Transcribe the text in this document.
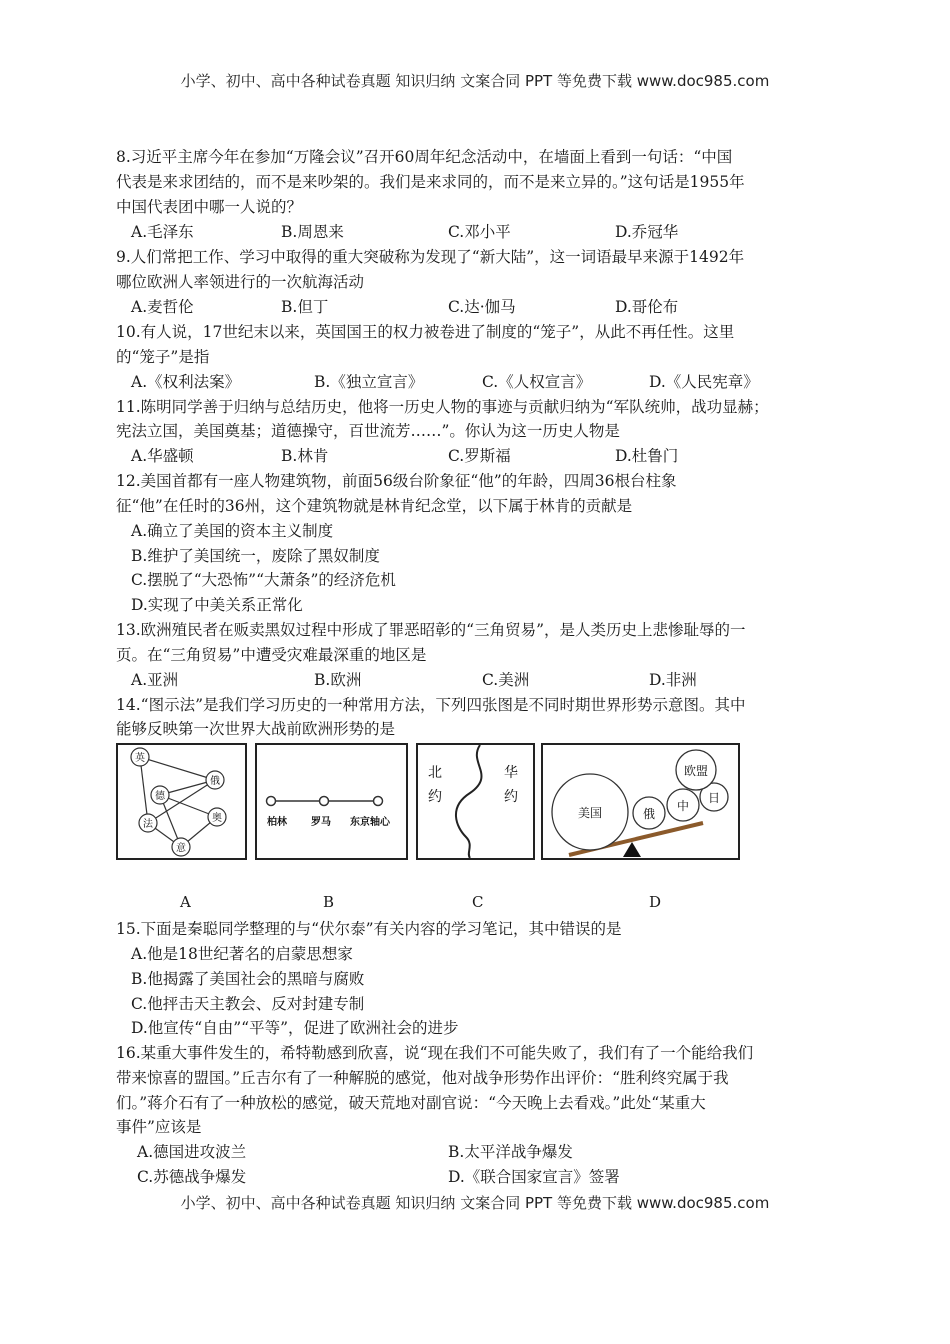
小学、初中、高中各种试卷真题 知识归纳 文案合同 PPT 等免费下载 www.doc985.com
8.习近平主席今年在参加“万隆会议”召开60周年纪念活动中，在墙面上看到一句话：“中国
代表是来求团结的，而不是来吵架的。我们是来求同的，而不是来立异的。”这句话是1955年
中国代表团中哪一人说的？
A.毛泽东	B.周恩来	C.邓小平	D.乔冠华
9.人们常把工作、学习中取得的重大突破称为发现了“新大陆”，这一词语最早来源于1492年
哪位欧洲人率领进行的一次航海活动
A.麦哲伦	B.但丁	C.达·伽马	D.哥伦布
10.有人说，17世纪末以来，英国国王的权力被卷进了制度的“笼子”，从此不再任性。这里
的“笼子”是指
A.《权利法案》	B.《独立宣言》	C.《人权宣言》	D.《人民宪章》
11.陈明同学善于归纳与总结历史，他将一历史人物的事迹与贡献归纳为“军队统帅，战功显赫；
宪法立国，美国奠基；道德操守，百世流芳……”。你认为这一历史人物是
A.华盛顿	B.林肯	C.罗斯福	D.杜鲁门
12.美国首都有一座人物建筑物，前面56级台阶象征“他”的年龄，四周36根台柱象
征“他”在任时的36州，这个建筑物就是林肯纪念堂，以下属于林肯的贡献是
A.确立了美国的资本主义制度
B.维护了美国统一，废除了黑奴制度
C.摆脱了“大恐怖”“大萧条”的经济危机
D.实现了中美关系正常化
13.欧洲殖民者在贩卖黑奴过程中形成了罪恶昭彰的“三角贸易”，是人类历史上悲惨耻辱的一
页。在“三角贸易”中遭受灾难最深重的地区是
A.亚洲	B.欧洲	C.美洲	D.非洲
14.“图示法”是我们学习历史的一种常用方法，下列四张图是不同时期世界形势示意图。其中
能够反映第一次世界大战前欧洲形势的是
英
俄
德
法
奥
意
柏林 罗马 东京轴心
北
约
华
约
美国	俄
中
日
欧盟
A	B	C	D
15.下面是秦聪同学整理的与“伏尔泰”有关内容的学习笔记，其中错误的是
A.他是18世纪著名的启蒙思想家
B.他揭露了美国社会的黑暗与腐败
C.他抨击天主教会、反对封建专制
D.他宣传“自由”“平等”，促进了欧洲社会的进步
16.某重大事件发生的，希特勒感到欣喜，说“现在我们不可能失败了，我们有了一个能给我们
带来惊喜的盟国。”丘吉尔有了一种解脱的感觉，他对战争形势作出评价：“胜利终究属于我
们。”蒋介石有了一种放松的感觉，破天荒地对副官说：“今天晚上去看戏。”此处“某重大
事件”应该是
A.德国进攻波兰	B.太平洋战争爆发
C.苏德战争爆发	D.《联合国家宣言》签署
小学、初中、高中各种试卷真题 知识归纳 文案合同 PPT 等免费下载 www.doc985.com
